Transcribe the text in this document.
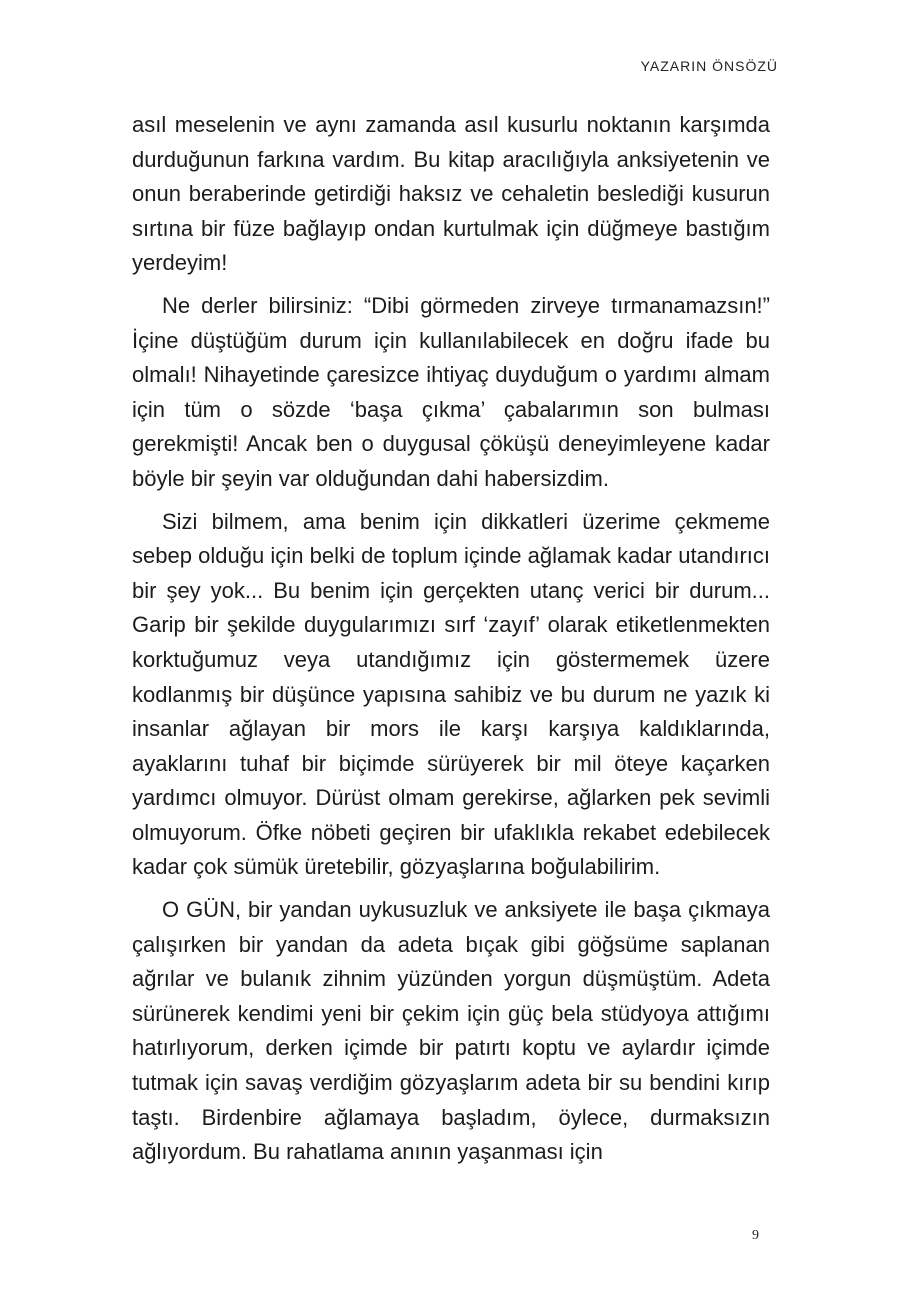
YAZARIN ÖNSÖZÜ

asıl meselenin ve aynı zamanda asıl kusurlu noktanın karşımda durduğunun farkına vardım. Bu kitap aracılığıyla anksiyetenin ve onun beraberinde getirdiği haksız ve cehaletin beslediği kusurun sırtına bir füze bağlayıp ondan kurtulmak için düğmeye bastığım yerdeyim!

Ne derler bilirsiniz: “Dibi görmeden zirveye tırmanamazsın!” İçine düştüğüm durum için kullanılabilecek en doğru ifade bu olmalı! Nihayetinde çaresizce ihtiyaç duyduğum o yardımı almam için tüm o sözde ‘başa çıkma’ çabalarımın son bulması gerekmişti! Ancak ben o duygusal çöküşü deneyimleyene kadar böyle bir şeyin var olduğundan dahi habersizdim.

Sizi bilmem, ama benim için dikkatleri üzerime çekmeme sebep olduğu için belki de toplum içinde ağlamak kadar utandırıcı bir şey yok... Bu benim için gerçekten utanç verici bir durum... Garip bir şekilde duygularımızı sırf ‘zayıf’ olarak etiketlenmekten korktuğumuz veya utandığımız için göstermemek üzere kodlanmış bir düşünce yapısına sahibiz ve bu durum ne yazık ki insanlar ağlayan bir mors ile karşı karşıya kaldıklarında, ayaklarını tuhaf bir biçimde sürüyerek bir mil öteye kaçarken yardımcı olmuyor. Dürüst olmam gerekirse, ağlarken pek sevimli olmuyorum. Öfke nöbeti geçiren bir ufaklıkla rekabet edebilecek kadar çok sümük üretebilir, gözyaşlarına boğulabilirim.

O GÜN, bir yandan uykusuzluk ve anksiyete ile başa çıkmaya çalışırken bir yandan da adeta bıçak gibi göğsüme saplanan ağrılar ve bulanık zihnim yüzünden yorgun düşmüştüm. Adeta sürünerek kendimi yeni bir çekim için güç bela stüdyoya attığımı hatırlıyorum, derken içimde bir patırtı koptu ve aylardır içimde tutmak için savaş verdiğim gözyaşlarım adeta bir su bendini kırıp taştı. Birdenbire ağlamaya başladım, öylece, durmaksızın ağlıyordum. Bu rahatlama anının yaşanması için

9
